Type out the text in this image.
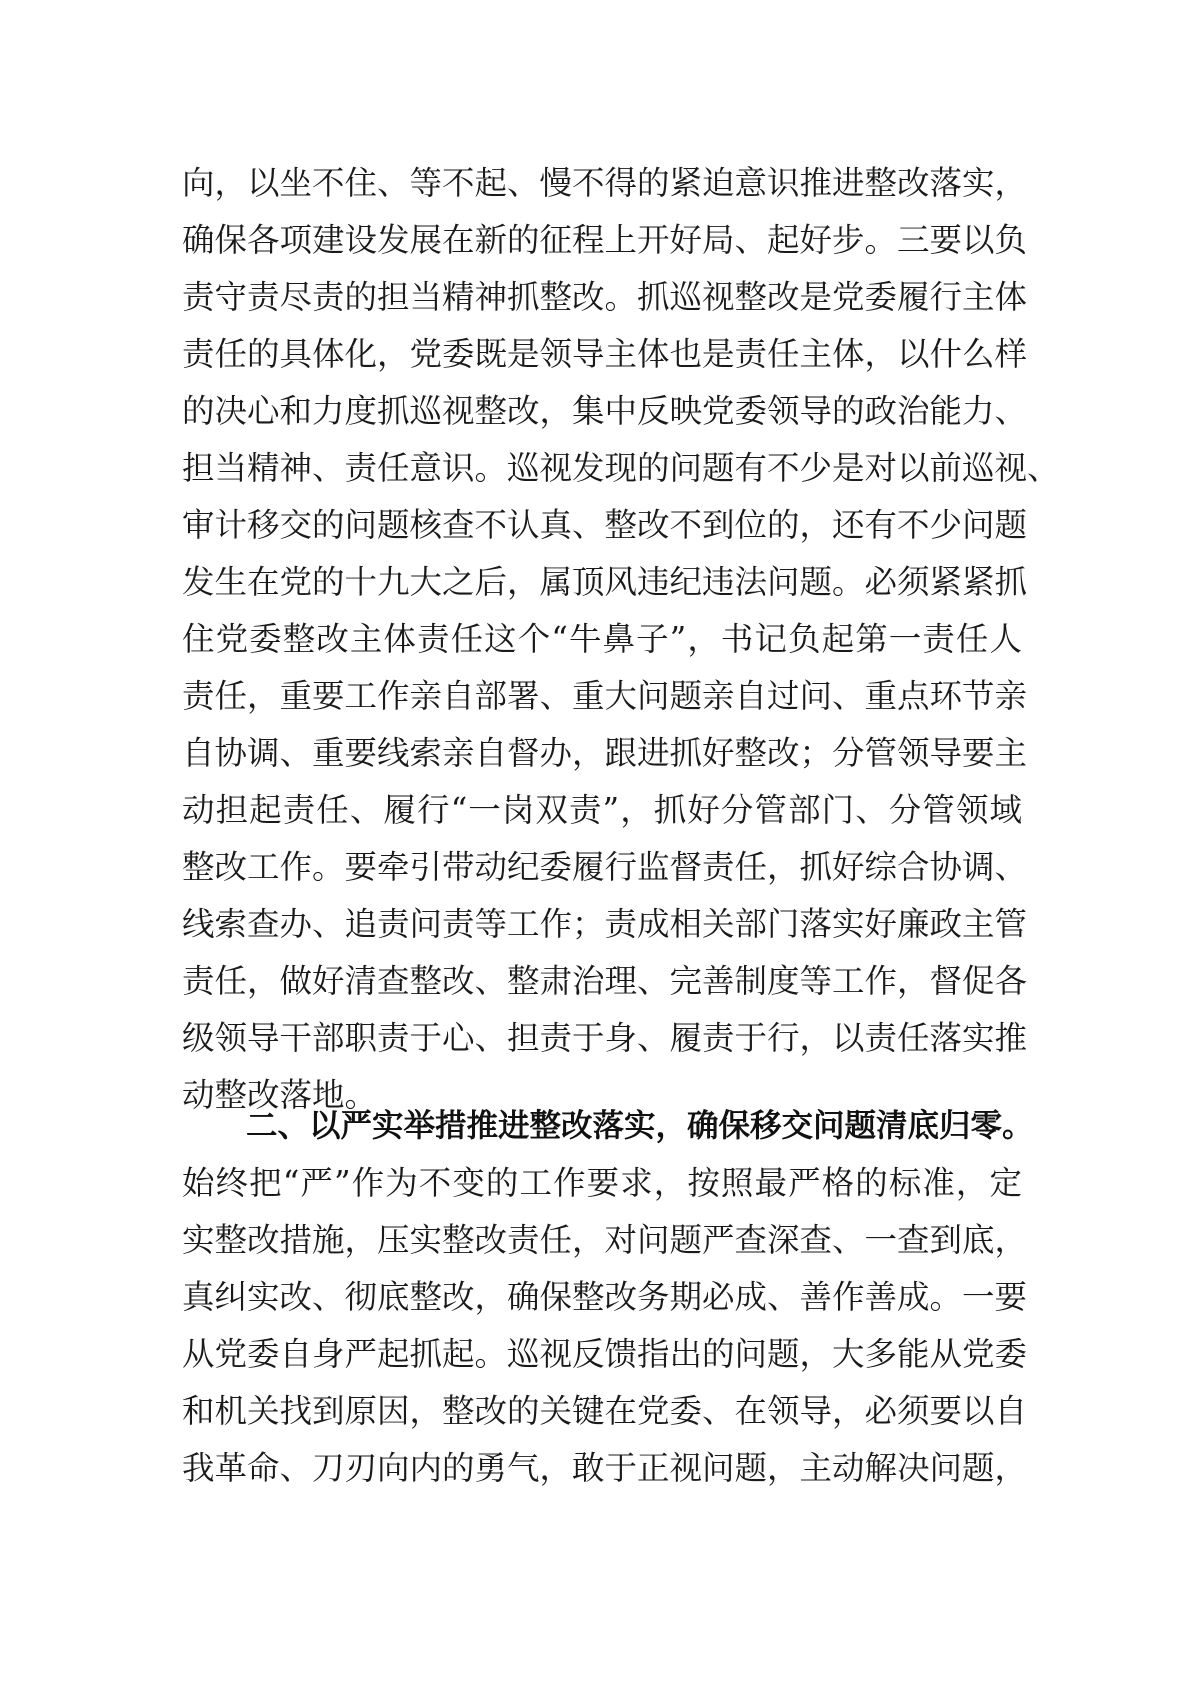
向，以坐不住、等不起、慢不得的紧迫意识推进整改落实，
确保各项建设发展在新的征程上开好局、起好步。三要以负
责守责尽责的担当精神抓整改。抓巡视整改是党委履行主体
责任的具体化，党委既是领导主体也是责任主体，以什么样
的决心和力度抓巡视整改，集中反映党委领导的政治能力、
担当精神、责任意识。巡视发现的问题有不少是对以前巡视、
审计移交的问题核查不认真、整改不到位的，还有不少问题
发生在党的十九大之后，属顶风违纪违法问题。必须紧紧抓
住党委整改主体责任这个“牛鼻子”，书记负起第一责任人
责任，重要工作亲自部署、重大问题亲自过问、重点环节亲
自协调、重要线索亲自督办，跟进抓好整改；分管领导要主
动担起责任、履行“一岗双责”，抓好分管部门、分管领域
整改工作。要牵引带动纪委履行监督责任，抓好综合协调、
线索查办、追责问责等工作；责成相关部门落实好廉政主管
责任，做好清查整改、整肃治理、完善制度等工作，督促各
级领导干部职责于心、担责于身、履责于行，以责任落实推
动整改落地。
二、以严实举措推进整改落实，确保移交问题清底归零。
始终把“严”作为不变的工作要求，按照最严格的标准，定
实整改措施，压实整改责任，对问题严查深查、一查到底，
真纠实改、彻底整改，确保整改务期必成、善作善成。一要
从党委自身严起抓起。巡视反馈指出的问题，大多能从党委
和机关找到原因，整改的关键在党委、在领导，必须要以自
我革命、刀刃向内的勇气，敢于正视问题，主动解决问题，
